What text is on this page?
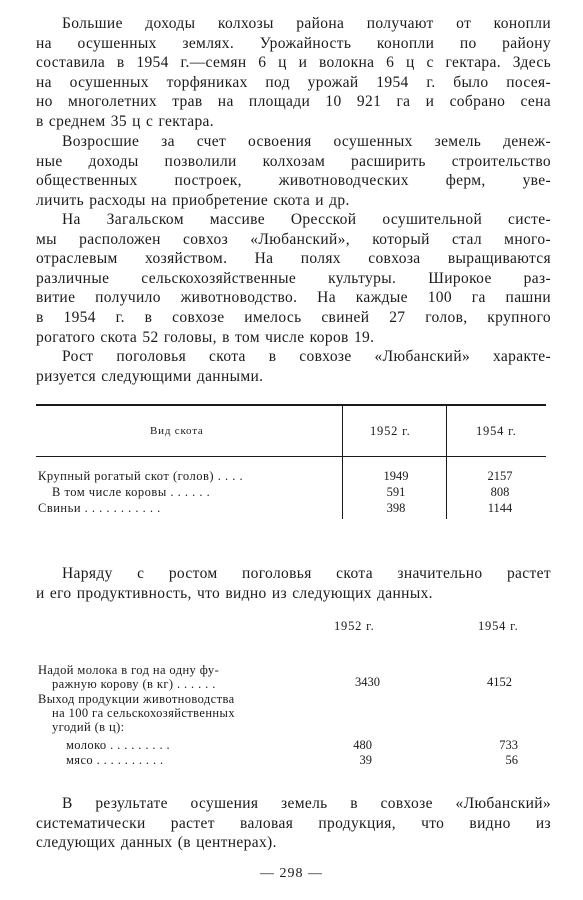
Большие доходы колхозы района получают от конопли
на осушенных землях. Урожайность конопли по району
составила в 1954 г.—семян 6 ц и волокна 6 ц с гектара. Здесь
на осушенных торфяниках под урожай 1954 г. было посея-
но многолетних трав на площади 10 921 га и собрано сена
в среднем 35 ц с гектара.
Возросшие за счет освоения осушенных земель денеж-
ные доходы позволили колхозам расширить строительство
общественных построек, животноводческих ферм, уве-
личить расходы на приобретение скота и др.
На Загальском массиве Оресской осушительной систе-
мы расположен совхоз «Любанский», который стал много-
отраслевым хозяйством. На полях совхоза выращиваются
различные сельскохозяйственные культуры. Широкое раз-
витие получило животноводство. На каждые 100 га пашни
в 1954 г. в совхозе имелось свиней 27 голов, крупного
рогатого скота 52 головы, в том числе коров 19.
Рост поголовья скота в совхозе «Любанский» характе-
ризуется следующими данными.
Вид скота	1952 г.	1954 г.
Крупный рогатый скот (голов) . . . .	1949	2157
В том числе коровы . . . . . .	591	808
Свиньи . . . . . . . . . . .	398	1144
Наряду с ростом поголовья скота значительно растет
и его продуктивность, что видно из следующих данных.
1952 г.	1954 г.
Надой молока в год на одну фу-
ражную корову (в кг) . . . . . .	3430	4152
Выход продукции животноводства
на 100 га сельскохозяйственных
угодий (в ц):
молоко . . . . . . . . .	480	733
мясо . . . . . . . . . .	39	56
В результате осушения земель в совхозе «Любанский»
систематически растет валовая продукция, что видно из
следующих данных (в центнерах).
— 298 —
